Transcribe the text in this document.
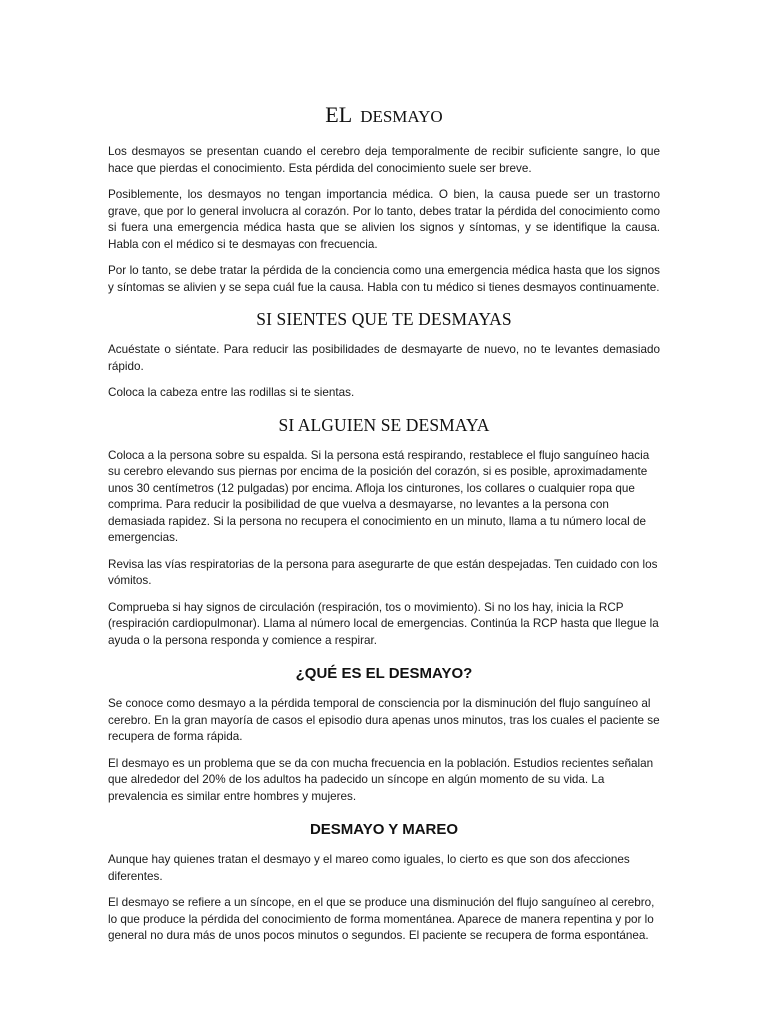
EL DESMAYO

Los desmayos se presentan cuando el cerebro deja temporalmente de recibir suficiente sangre, lo que hace que pierdas el conocimiento. Esta pérdida del conocimiento suele ser breve.

Posiblemente, los desmayos no tengan importancia médica. O bien, la causa puede ser un trastorno grave, que por lo general involucra al corazón. Por lo tanto, debes tratar la pérdida del conocimiento como si fuera una emergencia médica hasta que se alivien los signos y síntomas, y se identifique la causa. Habla con el médico si te desmayas con frecuencia.

Por lo tanto, se debe tratar la pérdida de la conciencia como una emergencia médica hasta que los signos y síntomas se alivien y se sepa cuál fue la causa. Habla con tu médico si tienes desmayos continuamente.

SI SIENTES QUE TE DESMAYAS

Acuéstate o siéntate. Para reducir las posibilidades de desmayarte de nuevo, no te levantes demasiado rápido.

Coloca la cabeza entre las rodillas si te sientas.

SI ALGUIEN SE DESMAYA

Coloca a la persona sobre su espalda. Si la persona está respirando, restablece el flujo sanguíneo hacia su cerebro elevando sus piernas por encima de la posición del corazón, si es posible, aproximadamente unos 30 centímetros (12 pulgadas) por encima. Afloja los cinturones, los collares o cualquier ropa que comprima. Para reducir la posibilidad de que vuelva a desmayarse, no levantes a la persona con demasiada rapidez. Si la persona no recupera el conocimiento en un minuto, llama a tu número local de emergencias.

Revisa las vías respiratorias de la persona para asegurarte de que están despejadas. Ten cuidado con los vómitos.

Comprueba si hay signos de circulación (respiración, tos o movimiento). Si no los hay, inicia la RCP (respiración cardiopulmonar). Llama al número local de emergencias. Continúa la RCP hasta que llegue la ayuda o la persona responda y comience a respirar.

¿QUÉ ES EL DESMAYO?

Se conoce como desmayo a la pérdida temporal de consciencia por la disminución del flujo sanguíneo al cerebro. En la gran mayoría de casos el episodio dura apenas unos minutos, tras los cuales el paciente se recupera de forma rápida.

El desmayo es un problema que se da con mucha frecuencia en la población. Estudios recientes señalan que alrededor del 20% de los adultos ha padecido un síncope en algún momento de su vida. La prevalencia es similar entre hombres y mujeres.

DESMAYO Y MAREO

Aunque hay quienes tratan el desmayo y el mareo como iguales, lo cierto es que son dos afecciones diferentes.

El desmayo se refiere a un síncope, en el que se produce una disminución del flujo sanguíneo al cerebro, lo que produce la pérdida del conocimiento de forma momentánea. Aparece de manera repentina y por lo general no dura más de unos pocos minutos o segundos. El paciente se recupera de forma espontánea.
